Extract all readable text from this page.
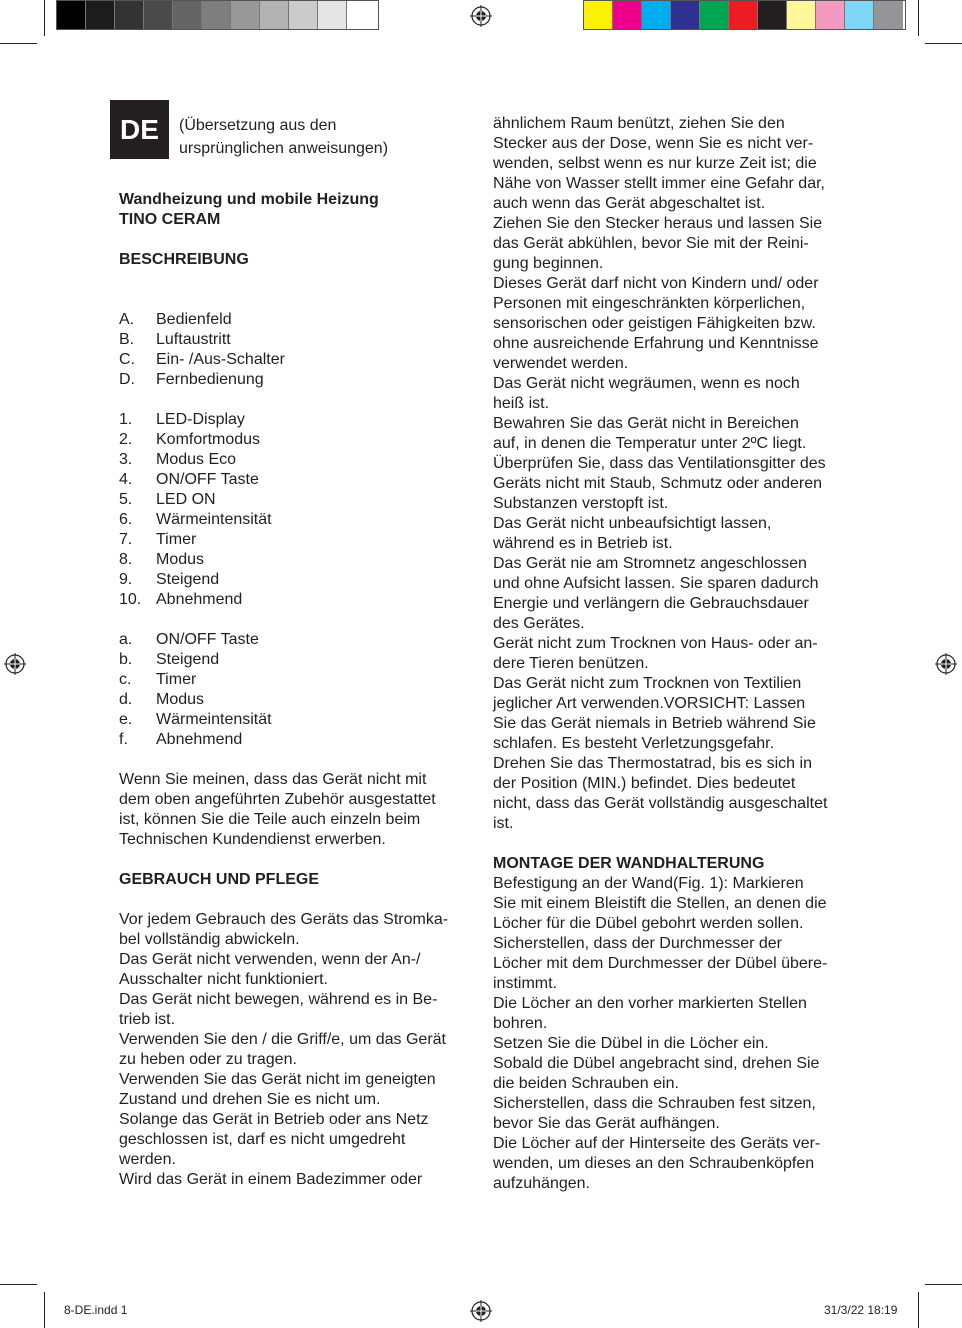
DE	(Übersetzung aus den ursprünglichen anweisungen)

Wandheizung und mobile Heizung

TINO CERAM

BESCHREIBUNG

A.	Bedienfeld
B.	Luftaustritt
C.	Ein- /Aus-Schalter
D.	Fernbedienung
1.	LED-Display
2.	Komfortmodus
3.	Modus Eco
4.	ON/OFF Taste
5.	LED ON
6.	Wärmeintensität
7.	Timer
8.	Modus
9.	Steigend
10. Abnehmend
a.	ON/OFF Taste
b.	Steigend
c.	Timer
d.	Modus
e.	Wärmeintensität
f.	Abnehmend

Wenn Sie meinen, dass das Gerät nicht mit

dem oben angeführten Zubehör ausgestattet

ist, können Sie die Teile auch einzeln beim

Technischen Kundendienst erwerben.

GEBRAUCH UND PFLEGE

Vor jedem Gebrauch des Geräts das Stromka-

bel vollständig abwickeln.

Das Gerät nicht verwenden, wenn der An-/

Ausschalter nicht funktioniert.

Das Gerät nicht bewegen, während es in Be-

trieb ist.

Verwenden Sie den / die Griff/e, um das Gerät

zu heben oder zu tragen.

Verwenden Sie das Gerät nicht im geneigten

Zustand und drehen Sie es nicht um.

Solange das Gerät in Betrieb oder ans Netz

geschlossen ist, darf es nicht umgedreht

werden.

Wird das Gerät in einem Badezimmer oder

ähnlichem Raum benützt, ziehen Sie den

Stecker aus der Dose, wenn Sie es nicht ver-

wenden, selbst wenn es nur kurze Zeit ist; die

Nähe von Wasser stellt immer eine Gefahr dar,

auch wenn das Gerät abgeschaltet ist.

Ziehen Sie den Stecker heraus und lassen Sie

das Gerät abkühlen, bevor Sie mit der Reini-

gung beginnen.

Dieses Gerät darf nicht von Kindern und/ oder

Personen mit eingeschränkten körperlichen,

sensorischen oder geistigen Fähigkeiten bzw.

ohne ausreichende Erfahrung und Kenntnisse

verwendet werden.

Das Gerät nicht wegräumen, wenn es noch

heiß ist.

Bewahren Sie das Gerät nicht in Bereichen

auf, in denen die Temperatur unter 2ºC liegt.

Überprüfen Sie, dass das Ventilationsgitter des

Geräts nicht mit Staub, Schmutz oder anderen

Substanzen verstopft ist.

Das Gerät nicht unbeaufsichtigt lassen,

während es in Betrieb ist.

Das Gerät nie am Stromnetz angeschlossen

und ohne Aufsicht lassen. Sie sparen dadurch

Energie und verlängern die Gebrauchsdauer

des Gerätes.

Gerät nicht zum Trocknen von Haus- oder an-

dere Tieren benützen.

Das Gerät nicht zum Trocknen von Textilien

jeglicher Art verwenden.VORSICHT: Lassen

Sie das Gerät niemals in Betrieb während Sie

schlafen. Es besteht Verletzungsgefahr.

Drehen Sie das Thermostatrad, bis es sich in

der Position (MIN.) befindet. Dies bedeutet

nicht, dass das Gerät vollständig ausgeschaltet

ist.

MONTAGE DER WANDHALTERUNG

Befestigung an der Wand(Fig. 1): Markieren

Sie mit einem Bleistift die Stellen, an denen die

Löcher für die Dübel gebohrt werden sollen.

Sicherstellen, dass der Durchmesser der

Löcher mit dem Durchmesser der Dübel übere-

instimmt.

Die Löcher an den vorher markierten Stellen

bohren.

Setzen Sie die Dübel in die Löcher ein.

Sobald die Dübel angebracht sind, drehen Sie

die beiden Schrauben ein.

Sicherstellen, dass die Schrauben fest sitzen,

bevor Sie das Gerät aufhängen.

Die Löcher auf der Hinterseite des Geräts ver-

wenden, um dieses an den Schraubenköpfen

aufzuhängen.

8-DE.indd 1	31/3/22 18:19
